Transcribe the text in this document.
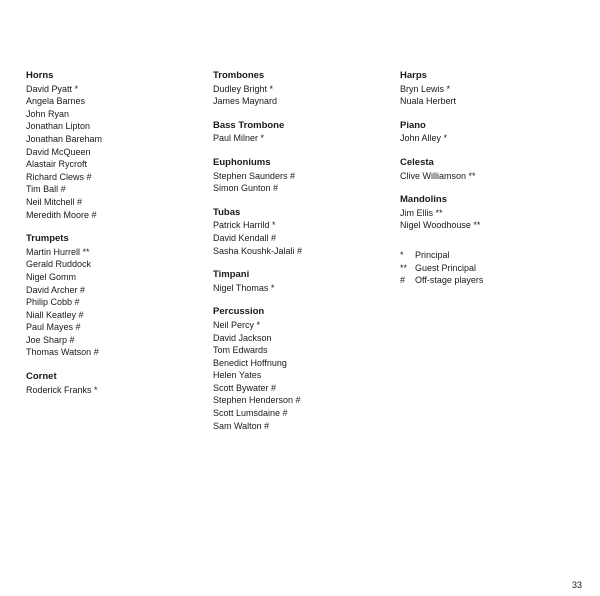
Horns
David Pyatt *
Angela Barnes
John Ryan
Jonathan Lipton
Jonathan Bareham
David McQueen
Alastair Rycroft
Richard Clews #
Tim Ball #
Neil Mitchell #
Meredith Moore #
Trumpets
Martin Hurrell **
Gerald Ruddock
Nigel Gomm
David Archer #
Philip Cobb #
Niall Keatley #
Paul Mayes #
Joe Sharp #
Thomas Watson #
Cornet
Roderick Franks *
Trombones
Dudley Bright *
James Maynard
Bass Trombone
Paul Milner *
Euphoniums
Stephen Saunders #
Simon Gunton #
Tubas
Patrick Harrild *
David Kendall #
Sasha Koushk-Jalali #
Timpani
Nigel Thomas *
Percussion
Neil Percy *
David Jackson
Tom Edwards
Benedict Hoffnung
Helen Yates
Scott Bywater #
Stephen Henderson #
Scott Lumsdaine #
Sam Walton #
Harps
Bryn Lewis *
Nuala Herbert
Piano
John Alley *
Celesta
Clive Williamson **
Mandolins
Jim Ellis **
Nigel Woodhouse **
* Principal
** Guest Principal
# Off-stage players
33
